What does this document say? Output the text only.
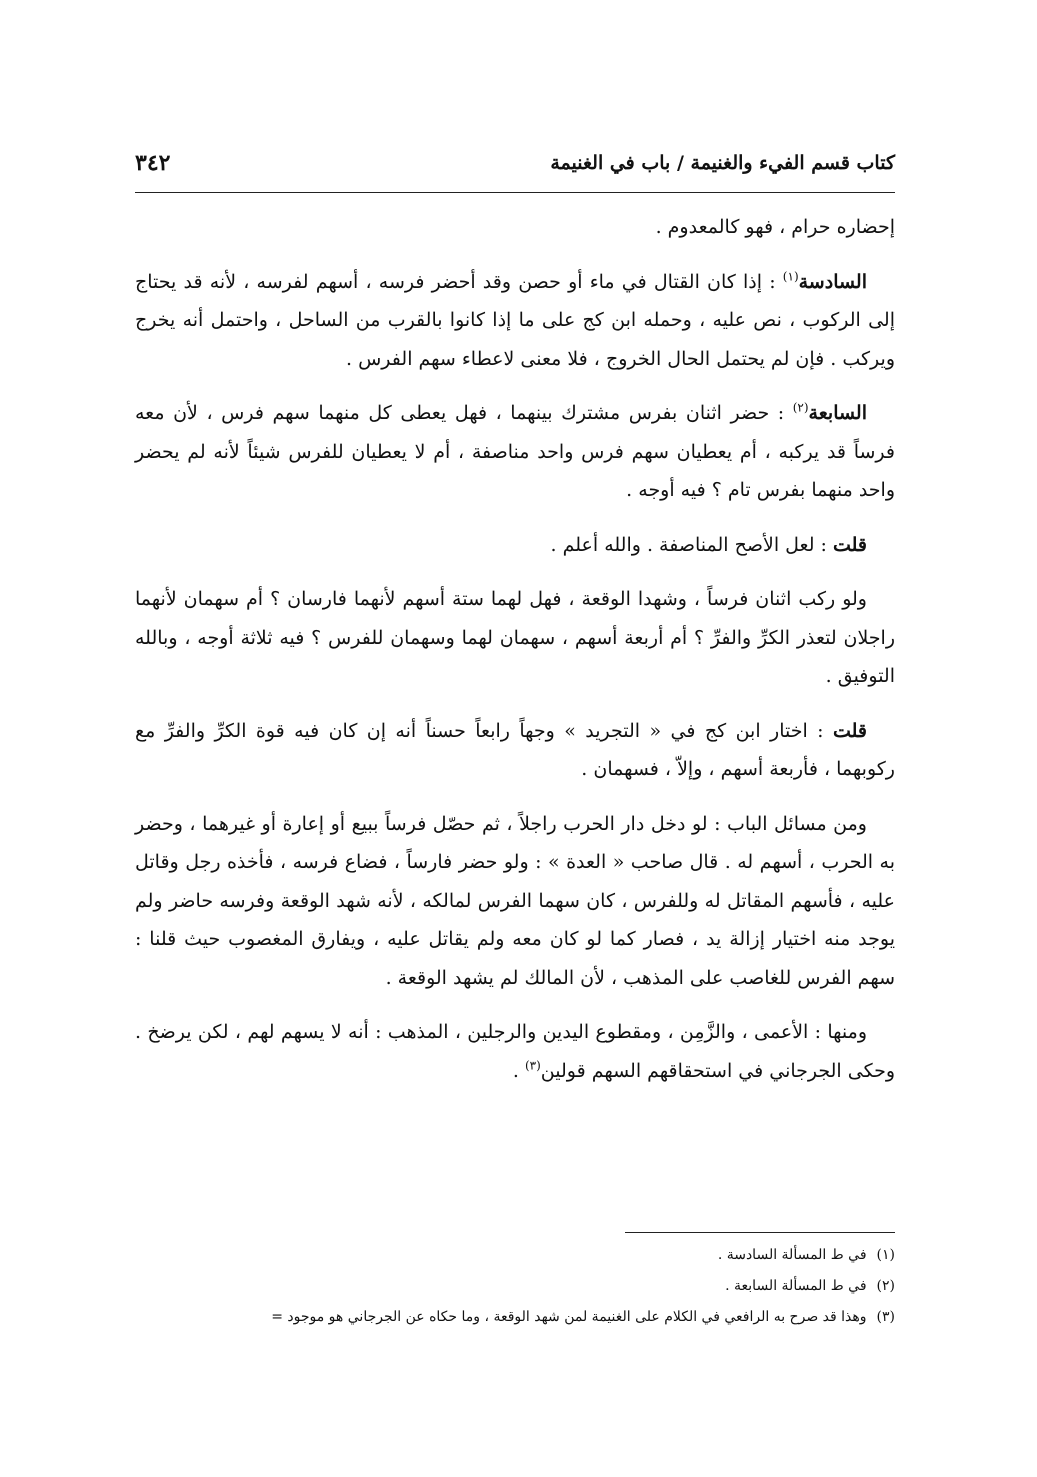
كتاب قسم الفيء والغنيمة / باب في الغنيمة
٣٤٢

إحضاره حرام ، فهو كالمعدوم .

السادسة$^{(١)}$ : إذا كان القتال في ماء أو حصن وقد أحضر فرسه ، أسهم لفرسه ، لأنه قد يحتاج إلى الركوب ، نص عليه ، وحمله ابن كج على ما إذا كانوا بالقرب من الساحل ، واحتمل أنه يخرج ويركب . فإن لم يحتمل الحال الخروج ، فلا معنى لاعطاء سهم الفرس .

السابعة$^{(٢)}$ : حضر اثنان بفرس مشترك بينهما ، فهل يعطى كل منهما سهم فرس ، لأن معه فرساً قد يركبه ، أم يعطيان سهم فرس واحد مناصفة ، أم لا يعطيان للفرس شيئاً لأنه لم يحضر واحد منهما بفرس تام ؟ فيه أوجه .

قلت : لعل الأصح المناصفة . والله أعلم .

ولو ركب اثنان فرساً ، وشهدا الوقعة ، فهل لهما ستة أسهم لأنهما فارسان ؟ أم سهمان لأنهما راجلان لتعذر الكرِّ والفرِّ ؟ أم أربعة أسهم ، سهمان لهما وسهمان للفرس ؟ فيه ثلاثة أوجه ، وبالله التوفيق .

قلت : اختار ابن كج في « التجريد » وجهاً رابعاً حسناً أنه إن كان فيه قوة الكرِّ والفرِّ مع ركوبهما ، فأربعة أسهم ، وإلاّ ، فسهمان .

ومن مسائل الباب : لو دخل دار الحرب راجلاً ، ثم حصّل فرساً ببيع أو إعارة أو غيرهما ، وحضر به الحرب ، أسهم له . قال صاحب « العدة » : ولو حضر فارساً ، فضاع فرسه ، فأخذه رجل وقاتل عليه ، فأسهم المقاتل له وللفرس ، كان سهما الفرس لمالكه ، لأنه شهد الوقعة وفرسه حاضر ولم يوجد منه اختيار إزالة يد ، فصار كما لو كان معه ولم يقاتل عليه ، ويفارق المغصوب حيث قلنا : سهم الفرس للغاصب على المذهب ، لأن المالك لم يشهد الوقعة .

ومنها : الأعمى ، والزَّمِن ، ومقطوع اليدين والرجلين ، المذهب : أنه لا يسهم لهم ، لكن يرضخ . وحكى الجرجاني في استحقاقهم السهم قولين$^{(٣)}$ .

(١)في ط المسألة السادسة .
(٢)في ط المسألة السابعة .
(٣)وهذا قد صرح به الرافعي في الكلام على الغنيمة لمن شهد الوقعة ، وما حكاه عن الجرجاني هو موجود =
